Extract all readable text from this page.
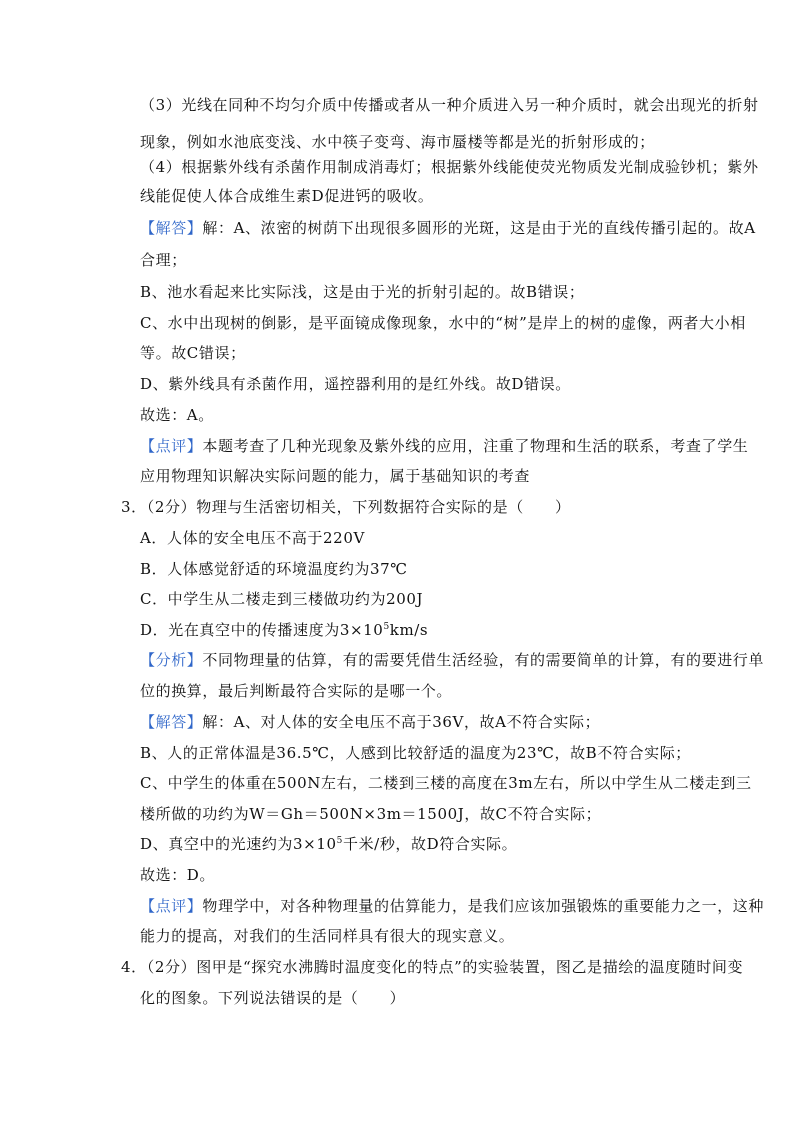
（3）光线在同种不均匀介质中传播或者从一种介质进入另一种介质时，就会出现光的折射
现象，例如水池底变浅、水中筷子变弯、海市蜃楼等都是光的折射形成的；
（4）根据紫外线有杀菌作用制成消毒灯；根据紫外线能使荧光物质发光制成验钞机；紫外
线能促使人体合成维生素D促进钙的吸收。
【解答】解：A、浓密的树荫下出现很多圆形的光斑，这是由于光的直线传播引起的。故A
合理；
B、池水看起来比实际浅，这是由于光的折射引起的。故B错误；
C、水中出现树的倒影，是平面镜成像现象，水中的“树”是岸上的树的虚像，两者大小相
等。故C错误；
D、紫外线具有杀菌作用，遥控器利用的是红外线。故D错误。
故选：A。
【点评】本题考查了几种光现象及紫外线的应用，注重了物理和生活的联系，考查了学生
应用物理知识解决实际问题的能力，属于基础知识的考查
3．（2分）物理与生活密切相关，下列数据符合实际的是（　　）
A．人体的安全电压不高于220V
B．人体感觉舒适的环境温度约为37℃
C．中学生从二楼走到三楼做功约为200J
D．光在真空中的传播速度为$3\times 10^5km/s$
【分析】不同物理量的估算，有的需要凭借生活经验，有的需要简单的计算，有的要进行单
位的换算，最后判断最符合实际的是哪一个。
【解答】解：A、对人体的安全电压不高于36V，故A不符合实际；
B、人的正常体温是36.5℃，人感到比较舒适的温度为23℃，故B不符合实际；
C、中学生的体重在500N左右，二楼到三楼的高度在3m左右，所以中学生从二楼走到三
楼所做的功约为W＝Gh＝500N×3m＝1500J，故C不符合实际；
D、真空中的光速约为$3\times 10^5$千米/秒，故D符合实际。
故选：D。
【点评】物理学中，对各种物理量的估算能力，是我们应该加强锻炼的重要能力之一，这种
能力的提高，对我们的生活同样具有很大的现实意义。
4．（2分）图甲是“探究水沸腾时温度变化的特点”的实验装置，图乙是描绘的温度随时间变
化的图象。下列说法错误的是（　　）
